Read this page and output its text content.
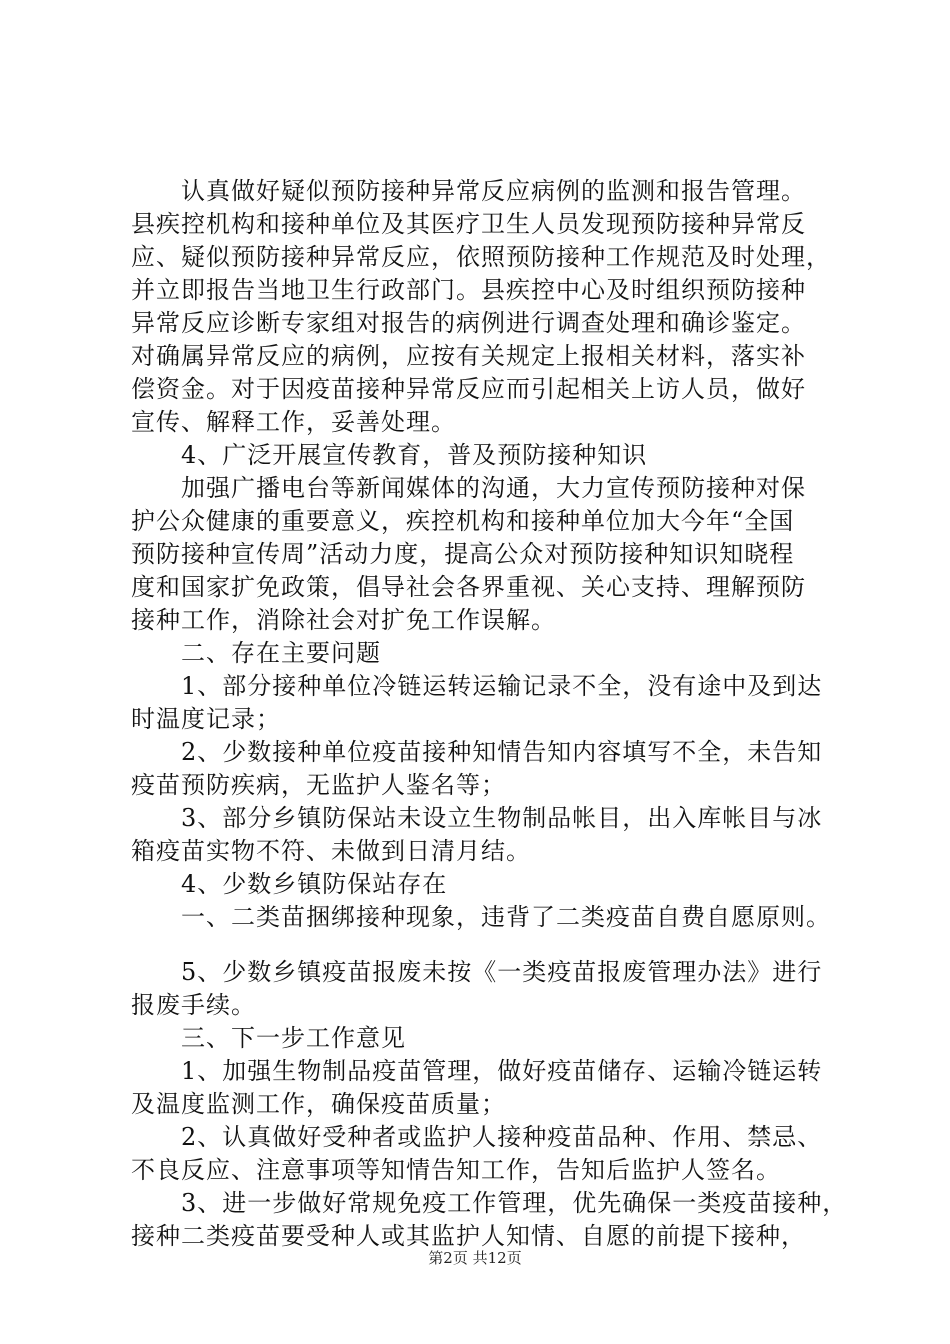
　　认真做好疑似预防接种异常反应病例的监测和报告管理。
县疾控机构和接种单位及其医疗卫生人员发现预防接种异常反
应、疑似预防接种异常反应，依照预防接种工作规范及时处理，
并立即报告当地卫生行政部门。县疾控中心及时组织预防接种
异常反应诊断专家组对报告的病例进行调查处理和确诊鉴定。
对确属异常反应的病例，应按有关规定上报相关材料，落实补
偿资金。对于因疫苗接种异常反应而引起相关上访人员，做好
宣传、解释工作，妥善处理。
　　4、广泛开展宣传教育，普及预防接种知识
　　加强广播电台等新闻媒体的沟通，大力宣传预防接种对保
护公众健康的重要意义，疾控机构和接种单位加大今年“全国
预防接种宣传周”活动力度，提高公众对预防接种知识知晓程
度和国家扩免政策，倡导社会各界重视、关心支持、理解预防
接种工作，消除社会对扩免工作误解。
　　二、存在主要问题
　　1、部分接种单位冷链运转运输记录不全，没有途中及到达
时温度记录；
　　2、少数接种单位疫苗接种知情告知内容填写不全，未告知
疫苗预防疾病，无监护人鉴名等；
　　3、部分乡镇防保站未设立生物制品帐目，出入库帐目与冰
箱疫苗实物不符、未做到日清月结。
　　4、少数乡镇防保站存在
　　一、二类苗捆绑接种现象，违背了二类疫苗自费自愿原则。
　　5、少数乡镇疫苗报废未按《一类疫苗报废管理办法》进行
报废手续。
　　三、下一步工作意见
　　1、加强生物制品疫苗管理，做好疫苗储存、运输冷链运转
及温度监测工作，确保疫苗质量；
　　2、认真做好受种者或监护人接种疫苗品种、作用、禁忌、
不良反应、注意事项等知情告知工作，告知后监护人签名。
　　3、进一步做好常规免疫工作管理，优先确保一类疫苗接种，
接种二类疫苗要受种人或其监护人知情、自愿的前提下接种，
第2页 共12页
